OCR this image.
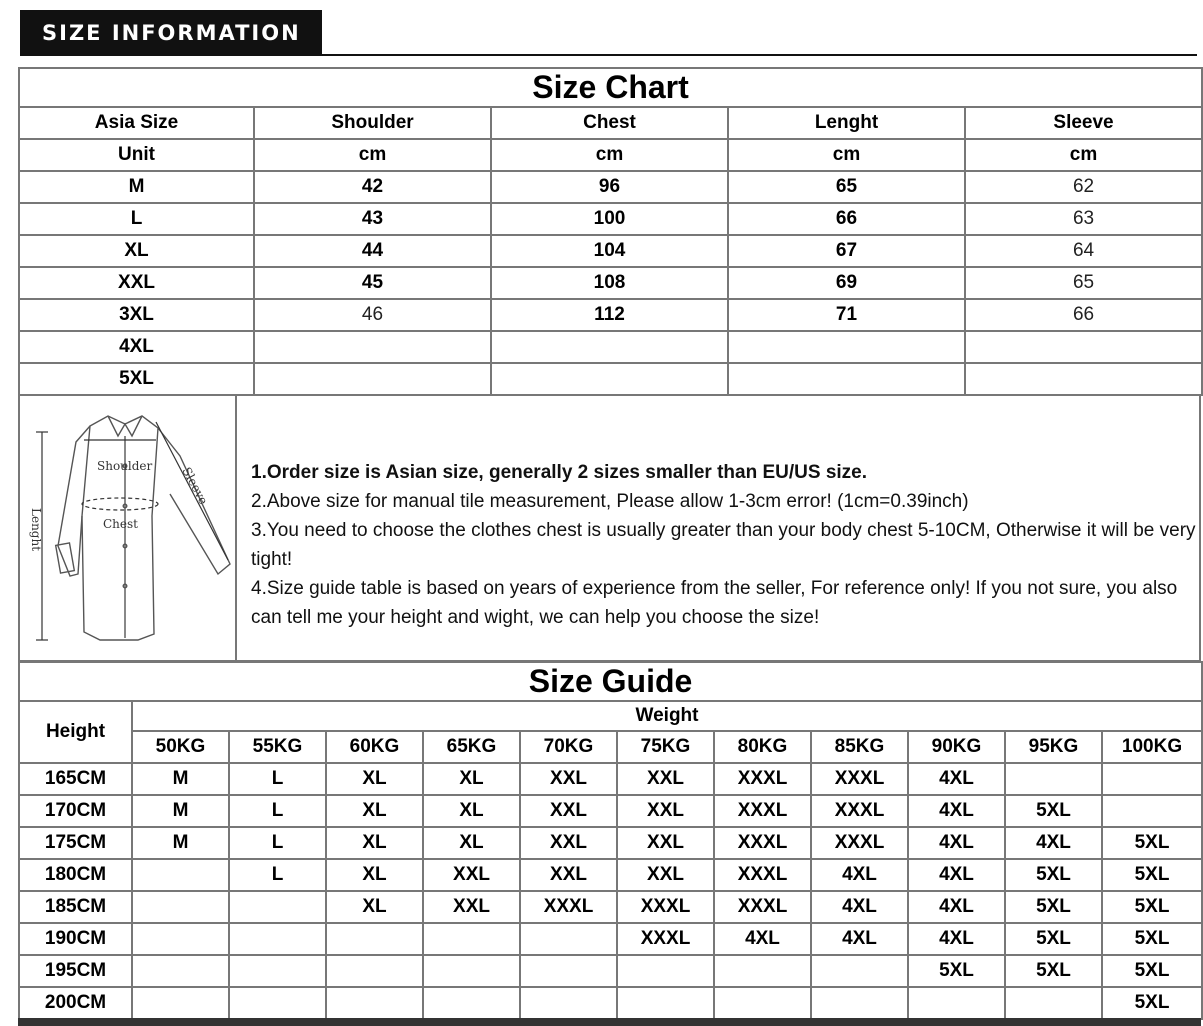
SIZE INFORMATION
Size Chart				
Asia Size	Shoulder	Chest	Lenght	Sleeve
Unit	cm	cm	cm	cm
M	42	96	65	62
L	43	100	66	63
XL	44	104	67	64
XXL	45	108	69	65
3XL	46	112	71	66
4XL				
5XL				
Shoulder
Chest
Sleeve
Lenght

1.Order size is Asian size, generally 2 sizes smaller than EU/US size.

2.Above size for manual tile measurement, Please allow 1-3cm error! (1cm=0.39inch)

3.You need to choose the clothes chest is usually greater than your body chest 5-10CM, Otherwise it will be very tight!

4.Size guide table is based on years of experience from the seller, For reference only! If you not sure, you also can tell me your height and wight, we can help you choose the size!

Size Guide											
Height	Weight										
	50KG	55KG	60KG	65KG	70KG	75KG	80KG	85KG	90KG	95KG	100KG
165CM	M	L	XL	XL	XXL	XXL	XXXL	XXXL	4XL		
170CM	M	L	XL	XL	XXL	XXL	XXXL	XXXL	4XL	5XL	
175CM	M	L	XL	XL	XXL	XXL	XXXL	XXXL	4XL	4XL	5XL
180CM		L	XL	XXL	XXL	XXL	XXXL	4XL	4XL	5XL	5XL
185CM			XL	XXL	XXXL	XXXL	XXXL	4XL	4XL	5XL	5XL
190CM						XXXL	4XL	4XL	4XL	5XL	5XL
195CM									5XL	5XL	5XL
200CM											5XL
